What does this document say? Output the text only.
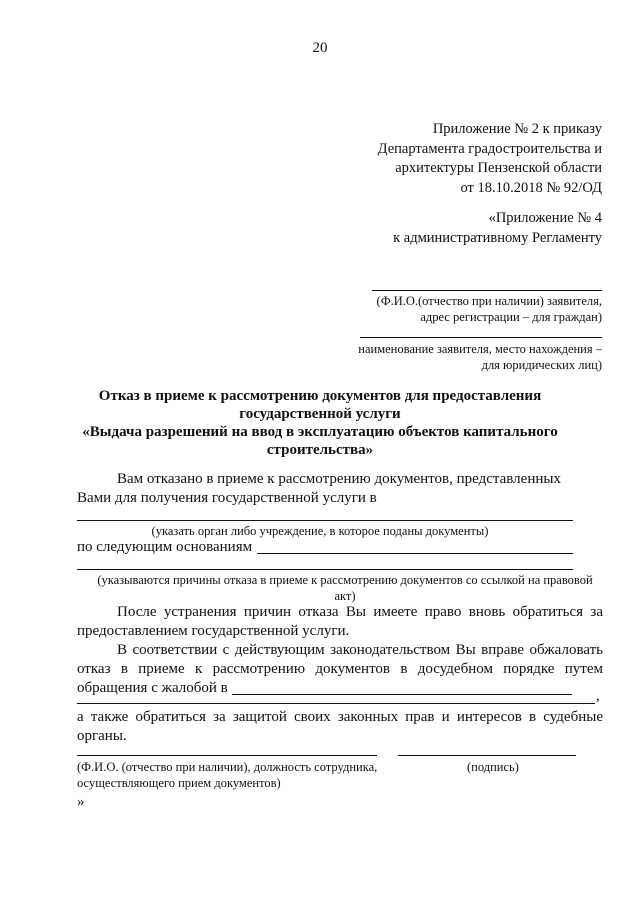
20
Приложение № 2 к приказу
Департамента градостроительства и
архитектуры Пензенской области
от 18.10.2018 № 92/ОД
«Приложение № 4
к административному Регламенту
(Ф.И.О.(отчество при наличии) заявителя,
адрес регистрации – для граждан)
наименование заявителя, место нахождения –
для юридических лиц)
Отказ в приеме к рассмотрению документов для предоставления
государственной услуги
«Выдача разрешений на ввод в эксплуатацию объектов капитального
строительства»
Вам отказано в приеме к рассмотрению документов, представленных
Вами для получения государственной услуги в
(указать орган либо учреждение, в которое поданы документы)
по следующим основаниям
(указываются причины отказа в приеме к рассмотрению документов со ссылкой на правовой
акт)
После устранения причин отказа Вы имеете право вновь обратиться за
предоставлением государственной услуги.
В соответствии с действующим законодательством Вы вправе обжаловать
отказ в приеме к рассмотрению документов в досудебном порядке путем
обращения с жалобой в	,
а также обратиться за защитой своих законных прав и интересов в судебные
органы.
(Ф.И.О. (отчество при наличии), должность сотрудника,
осуществляющего прием документов)
(подпись)
»
